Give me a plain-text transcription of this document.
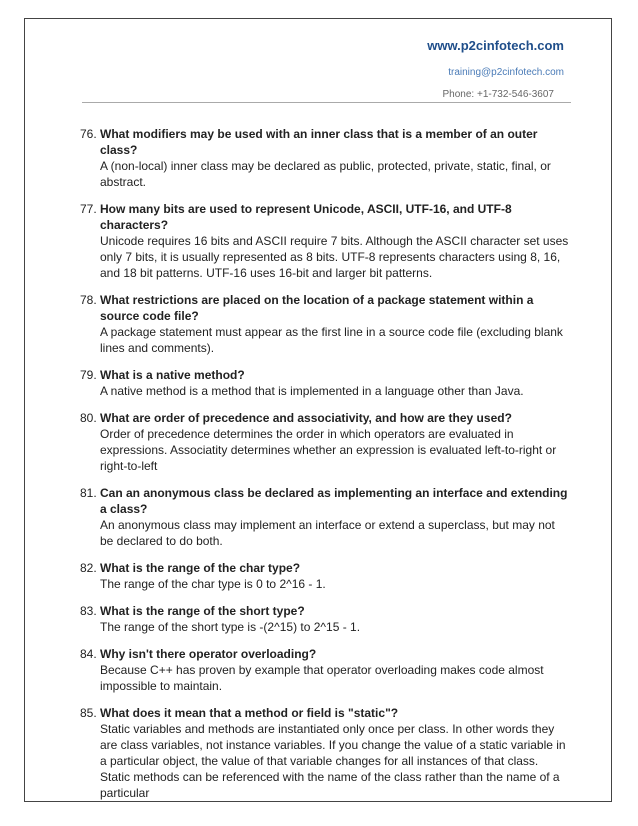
www.p2cinfotech.com
training@p2cinfotech.com
Phone: +1-732-546-3607
76. What modifiers may be used with an inner class that is a member of an outer class?
A (non-local) inner class may be declared as public, protected, private, static, final, or abstract.
77. How many bits are used to represent Unicode, ASCII, UTF-16, and UTF-8 characters?
Unicode requires 16 bits and ASCII require 7 bits. Although the ASCII character set uses only 7 bits, it is usually represented as 8 bits. UTF-8 represents characters using 8, 16, and 18 bit patterns. UTF-16 uses 16-bit and larger bit patterns.
78. What restrictions are placed on the location of a package statement within a source code file?
A package statement must appear as the first line in a source code file (excluding blank lines and comments).
79. What is a native method?
A native method is a method that is implemented in a language other than Java.
80. What are order of precedence and associativity, and how are they used?
Order of precedence determines the order in which operators are evaluated in expressions. Associatity determines whether an expression is evaluated left-to-right or right-to-left
81. Can an anonymous class be declared as implementing an interface and extending a class?
An anonymous class may implement an interface or extend a superclass, but may not be declared to do both.
82. What is the range of the char type?
The range of the char type is 0 to 2^16 - 1.
83. What is the range of the short type?
The range of the short type is -(2^15) to 2^15 - 1.
84. Why isn't there operator overloading?
Because C++ has proven by example that operator overloading makes code almost impossible to maintain.
85. What does it mean that a method or field is "static"?
Static variables and methods are instantiated only once per class. In other words they are class variables, not instance variables. If you change the value of a static variable in a particular object, the value of that variable changes for all instances of that class. Static methods can be referenced with the name of the class rather than the name of a particular
